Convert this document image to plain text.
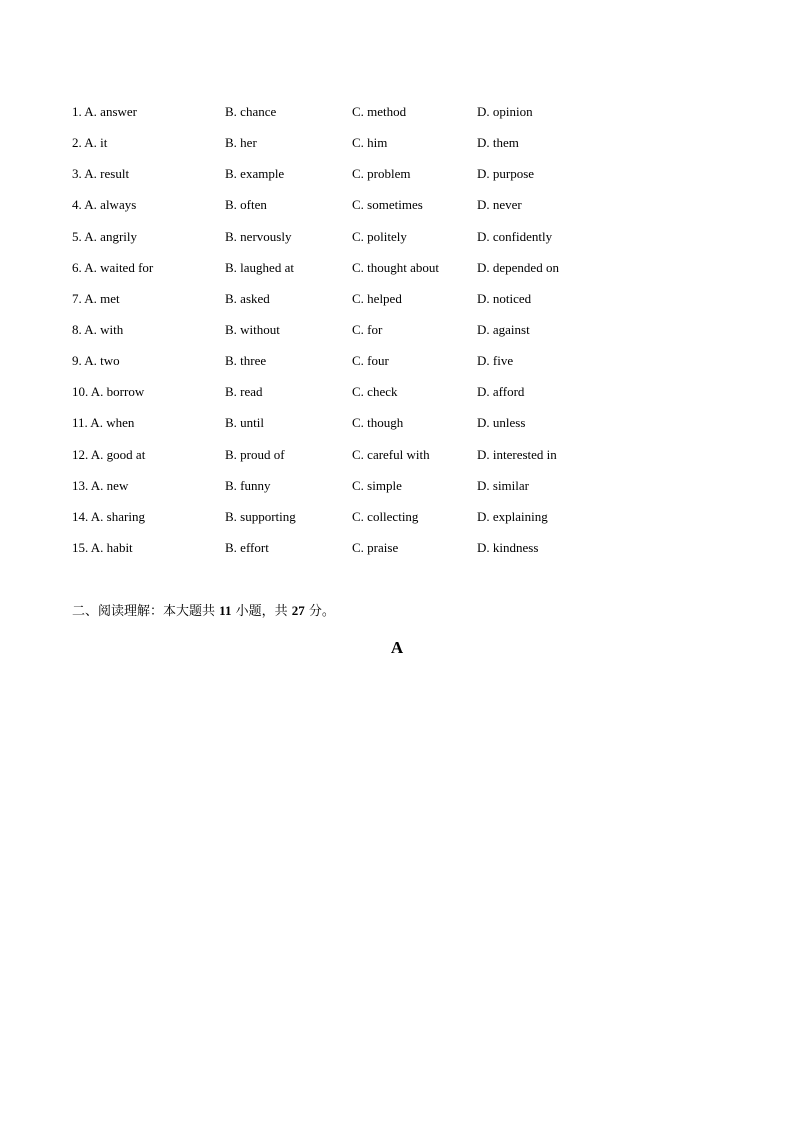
1. A. answer	B. chance	C. method	D. opinion
2. A. it	B. her	C. him	D. them
3. A. result	B. example	C. problem	D. purpose
4. A. always	B. often	C. sometimes	D. never
5. A. angrily	B. nervously	C. politely	D. confidently
6. A. waited for	B. laughed at	C. thought about	D. depended on
7. A. met	B. asked	C. helped	D. noticed
8. A. with	B. without	C. for	D. against
9. A. two	B. three	C. four	D. five
10. A. borrow	B. read	C. check	D. afford
11. A. when	B. until	C. though	D. unless
12. A. good at	B. proud of	C. careful with	D. interested in
13. A. new	B. funny	C. simple	D. similar
14. A. sharing	B. supporting	C. collecting	D. explaining
15. A. habit	B. effort	C. praise	D. kindness
二、阅读理解：本大题共 11 小题，共 27 分。
A
